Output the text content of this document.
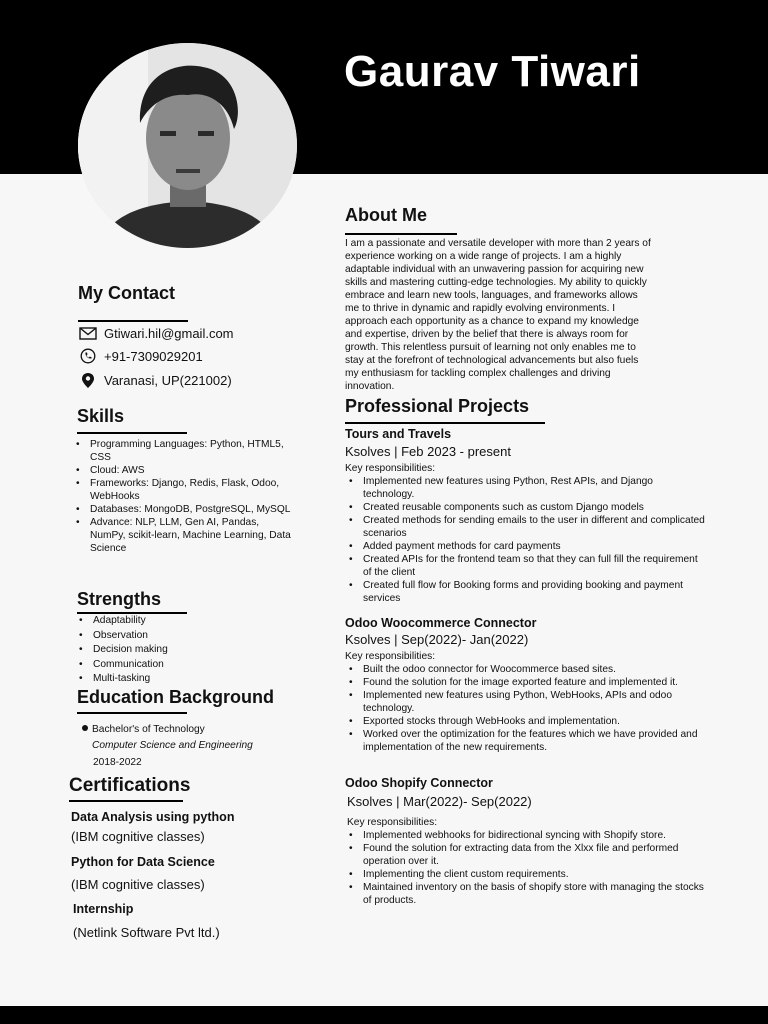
Gaurav Tiwari
My Contact
Gtiwari.hil@gmail.com
+91-7309029201
Varanasi, UP(221002)
Skills
• Programming Languages: Python, HTML5, CSS
• Cloud: AWS
• Frameworks: Django, Redis, Flask, Odoo, WebHooks
• Databases: MongoDB, PostgreSQL, MySQL
• Advance: NLP, LLM, Gen AI, Pandas, NumPy, scikit-learn, Machine Learning, Data Science
Strengths
• Adaptability
• Observation
• Decision making
• Communication
• Multi-tasking
Education Background
Bachelor's of Technology
Computer Science and Engineering
2018-2022
Certifications
Data Analysis using python
(IBM cognitive classes)
Python for Data Science
(IBM cognitive classes)
Internship
(Netlink Software Pvt ltd.)
About Me
I am a passionate and versatile developer with more than 2 years of
experience working on a wide range of projects. I am a highly
adaptable individual with an unwavering passion for acquiring new
skills and mastering cutting-edge technologies. My ability to quickly
embrace and learn new tools, languages, and frameworks allows
me to thrive in dynamic and rapidly evolving environments. I
approach each opportunity as a chance to expand my knowledge
and expertise, driven by the belief that there is always room for
growth. This relentless pursuit of learning not only enables me to
stay at the forefront of technological advancements but also fuels
my enthusiasm for tackling complex challenges and driving
innovation.
Professional Projects
Tours and Travels
Ksolves | Feb 2023 - present
Key responsibilities:
• Implemented new features using Python, Rest APIs, and Django technology.
• Created reusable components such as custom Django models
• Created methods for sending emails to the user in different and complicated scenarios
• Added payment methods for card payments
• Created APIs for the frontend team so that they can full fill the requirement of the client
• Created full flow for Booking forms and providing booking and payment services
Odoo Woocommerce Connector
Ksolves | Sep(2022)- Jan(2022)
Key responsibilities:
• Built the odoo connector for Woocommerce based sites.
• Found the solution for the image exported feature and implemented it.
• Implemented new features using Python, WebHooks, APIs and odoo technology.
• Exported stocks through WebHooks and implementation.
• Worked over the optimization for the features which we have provided and implementation of the new requirements.
Odoo Shopify Connector
Ksolves | Mar(2022)- Sep(2022)
Key responsibilities:
• Implemented webhooks for bidirectional syncing with Shopify store.
• Found the solution for extracting data from the Xlxx file and performed operation over it.
• Implementing the client custom requirements.
• Maintained inventory on the basis of shopify store with managing the stocks of products.
